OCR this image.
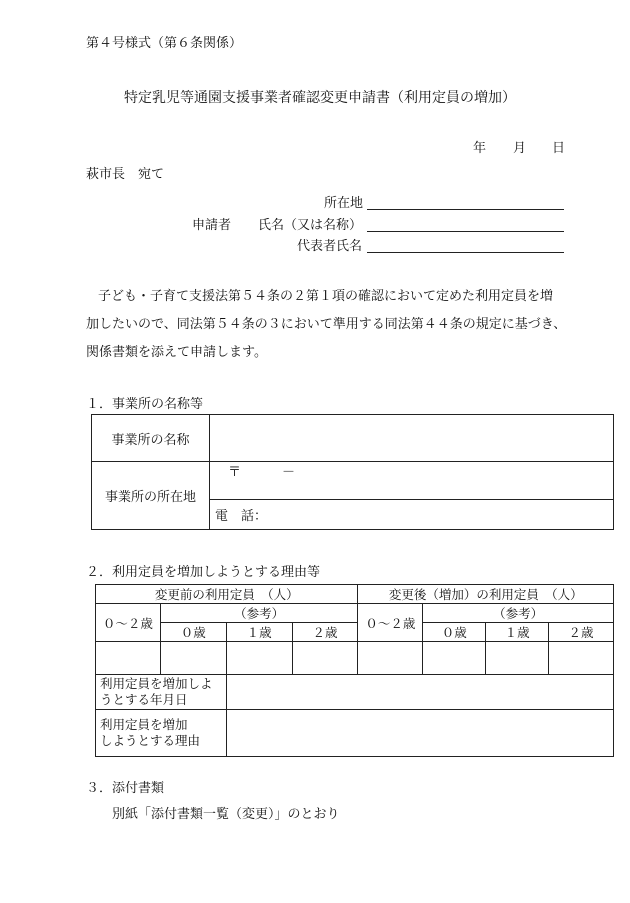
第４号様式（第６条関係）
特定乳児等通園支援事業者確認変更申請書（利用定員の増加）
年 月 日
萩市長　宛て
所在地
申請者 氏名（又は名称）
代表者氏名
子ども・子育て支援法第５４条の２第１項の確認において定めた利用定員を増
加したいので、同法第５４条の３において準用する同法第４４条の規定に基づき、
関係書類を添えて申請します。
１．事業所の名称等
事業所の名称	
事業所の所在地	〒 －

	電　話：
２．利用定員を増加しようとする理由等
変更前の利用定員　（人）				変更後（増加）の利用定員　（人）			
０～２歳	（参考）			０～２歳	（参考）		
	０歳	１歳	２歳		０歳	１歳	２歳

利用定員を増加しよ
うとする年月日							

利用定員を増加
しようとする理由							

３．添付書類
別紙「添付書類一覧（変更）」のとおり
